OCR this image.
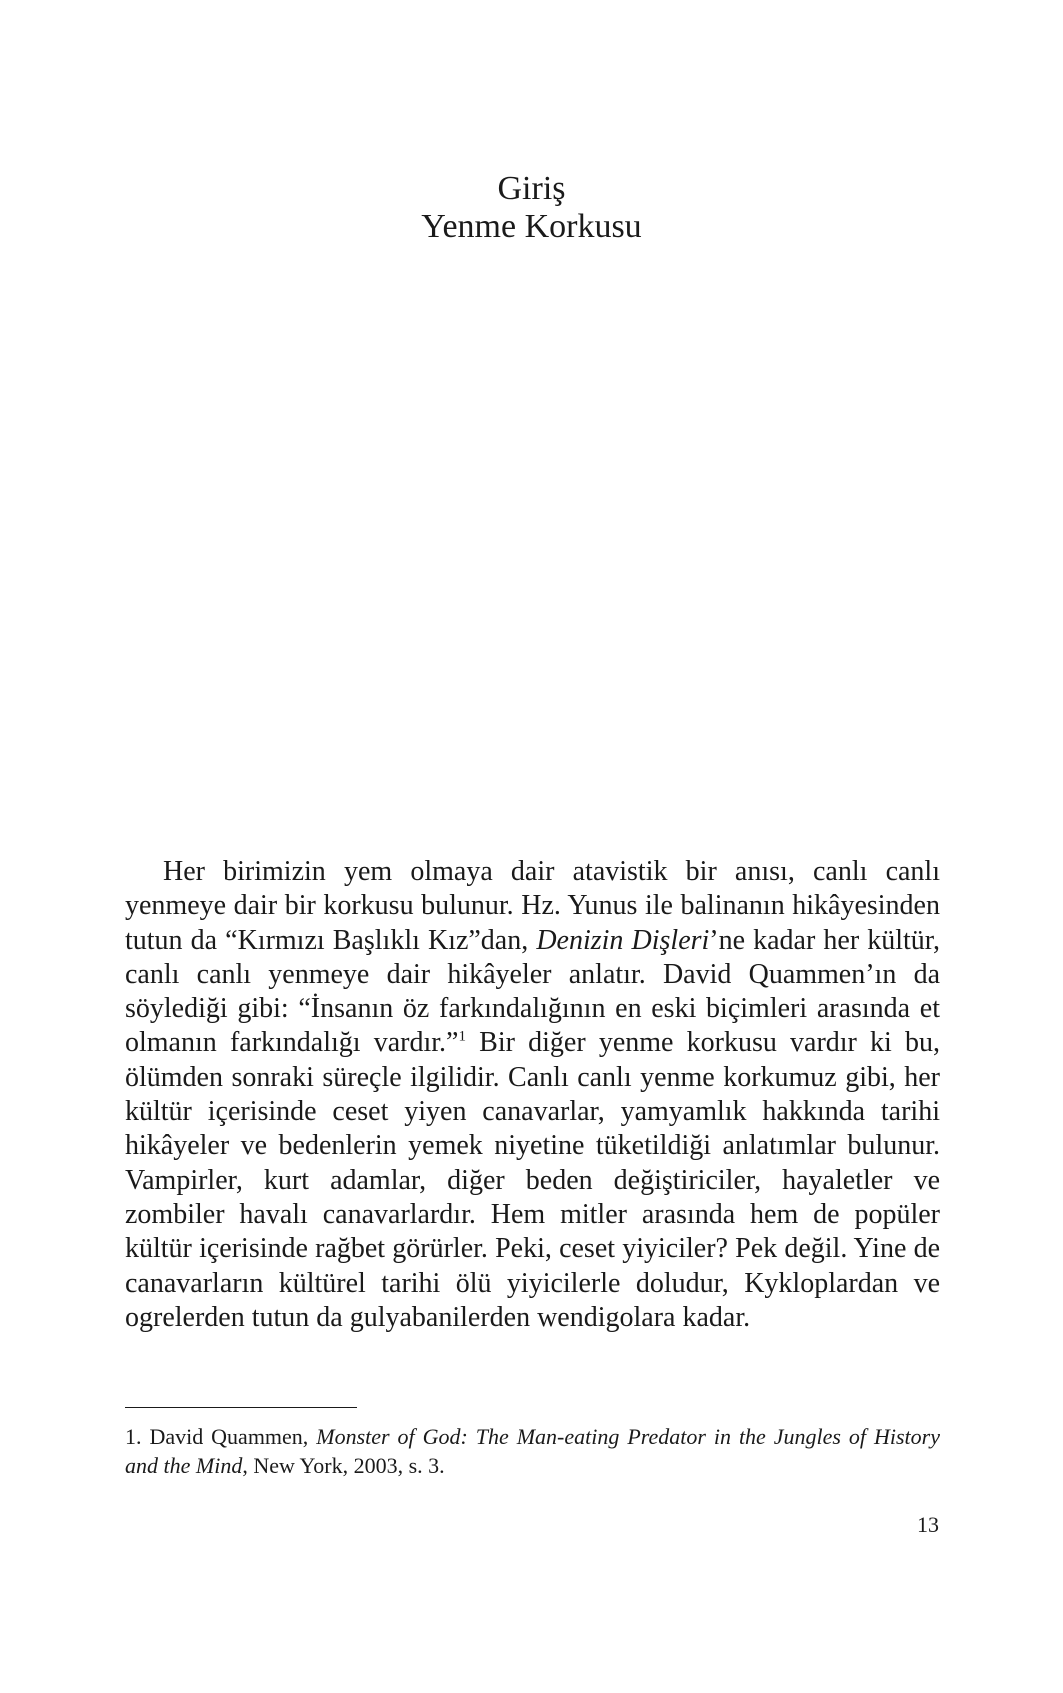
Giriş
Yenme Korkusu

Her birimizin yem olmaya dair atavistik bir anısı, canlı canlı yenmeye dair bir korkusu bulunur. Hz. Yunus ile balinanın hikâyesinden tutun da “Kırmızı Başlıklı Kız”dan, Denizin Dişleri’ne kadar her kültür, canlı canlı yenmeye dair hikâyeler anlatır. David Quammen’ın da söylediği gibi: “İnsanın öz farkındalığının en eski biçimleri arasında et olmanın farkındalığı vardır.”$^1$ Bir diğer yenme korkusu vardır ki bu, ölümden sonraki süreçle ilgilidir. Canlı canlı yenme korkumuz gibi, her kültür içerisinde ceset yiyen canavarlar, yamyamlık hakkında tarihi hikâyeler ve bedenlerin yemek niyetine tüketildiği anlatımlar bulunur. Vampirler, kurt adamlar, diğer beden değiştiriciler, hayaletler ve zombiler havalı canavarlardır. Hem mitler arasında hem de popüler kültür içerisinde rağbet görürler. Peki, ceset yiyiciler? Pek değil. Yine de canavarların kültürel tarihi ölü yiyicilerle doludur, Kykloplardan ve ogrelerden tutun da gulyabanilerden wendigolara kadar.

1. David Quammen, Monster of God: The Man-eating Predator in the Jungles of History and the Mind, New York, 2003, s. 3.

13
